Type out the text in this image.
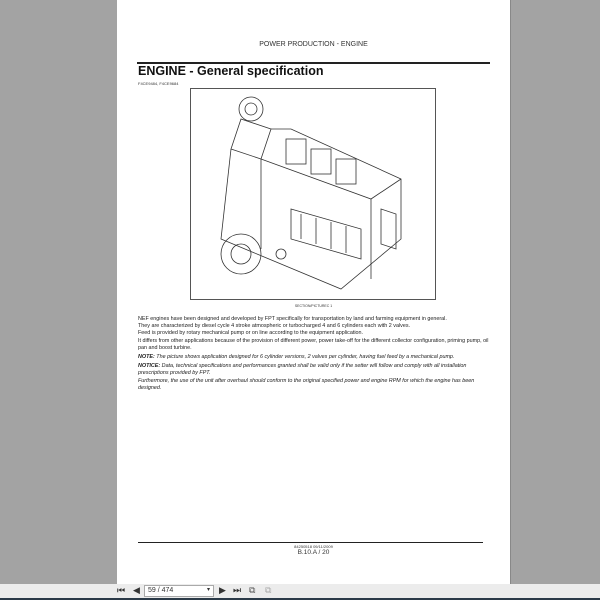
POWER PRODUCTION - ENGINE
ENGINE - General specification
F4CE9484, F4CE9684
SECTION/PICTUREC 1

NEF engines have been designed and developed by FPT specifically for transportation by land and farming equipment in general.
They are characterized by diesel cycle 4 stroke atmospheric or turbocharged 4 and 6 cylinders each with 2 valves.
Feed is provided by rotary mechanical pump or on line according to the equipment application.
It differs from other applications because of the provision of different power, power take-off for the different collector configuration, priming pump, oil pan and boost turbine.

NOTE: The picture shows application designed for 6 cylinder versions, 2 valves per cylinder, having fuel feed by a mechanical pump.

NOTICE: Data, technical specifications and performances granted shall be valid only if the setter will follow and comply with all installation prescriptions provided by FPT.
Furthermore, the use of the unit after overhaul should conform to the original specified power and engine RPM for which the engine has been designed.

84250518 09/11/2009
B.10.A / 20
⏮ ◀	59 / 474	▾ ▶ ⏭ ⧉ ⧉
